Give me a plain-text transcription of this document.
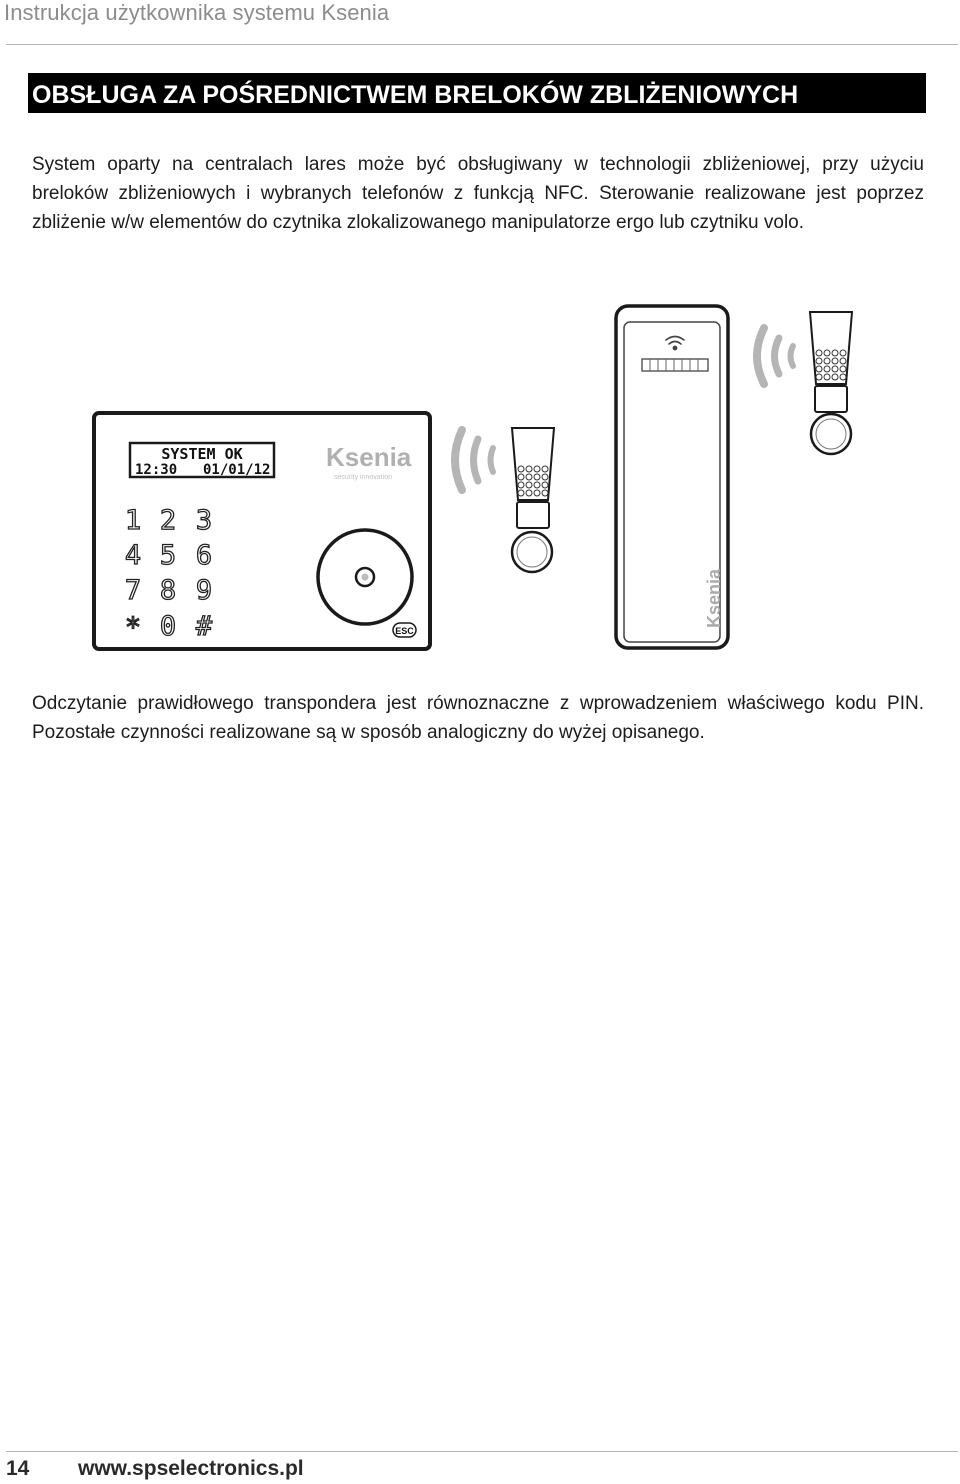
Instrukcja użytkownika systemu Ksenia
OBSŁUGA ZA POŚREDNICTWEM BRELOKÓW ZBLIŻENIOWYCH

System oparty na centralach lares może być obsługiwany w technologii zbliżeniowej, przy użyciu breloków zbliżeniowych i wybranych telefonów z funkcją NFC. Sterowanie realizowane jest poprzez zbliżenie w/w elementów do czytnika zlokalizowanego manipulatorze ergo lub czytniku volo.

SYSTEM OK
12:30 01/01/12 Ksenia
security innovation
1 2 3
4 5 6
7 8 9
* 0 #	ESC
Ksenia

Odczytanie prawidłowego transpondera jest równoznaczne z wprowadzeniem właściwego kodu PIN. Pozostałe czynności realizowane są w sposób analogiczny do wyżej opisanego.

14 www.spselectronics.pl
